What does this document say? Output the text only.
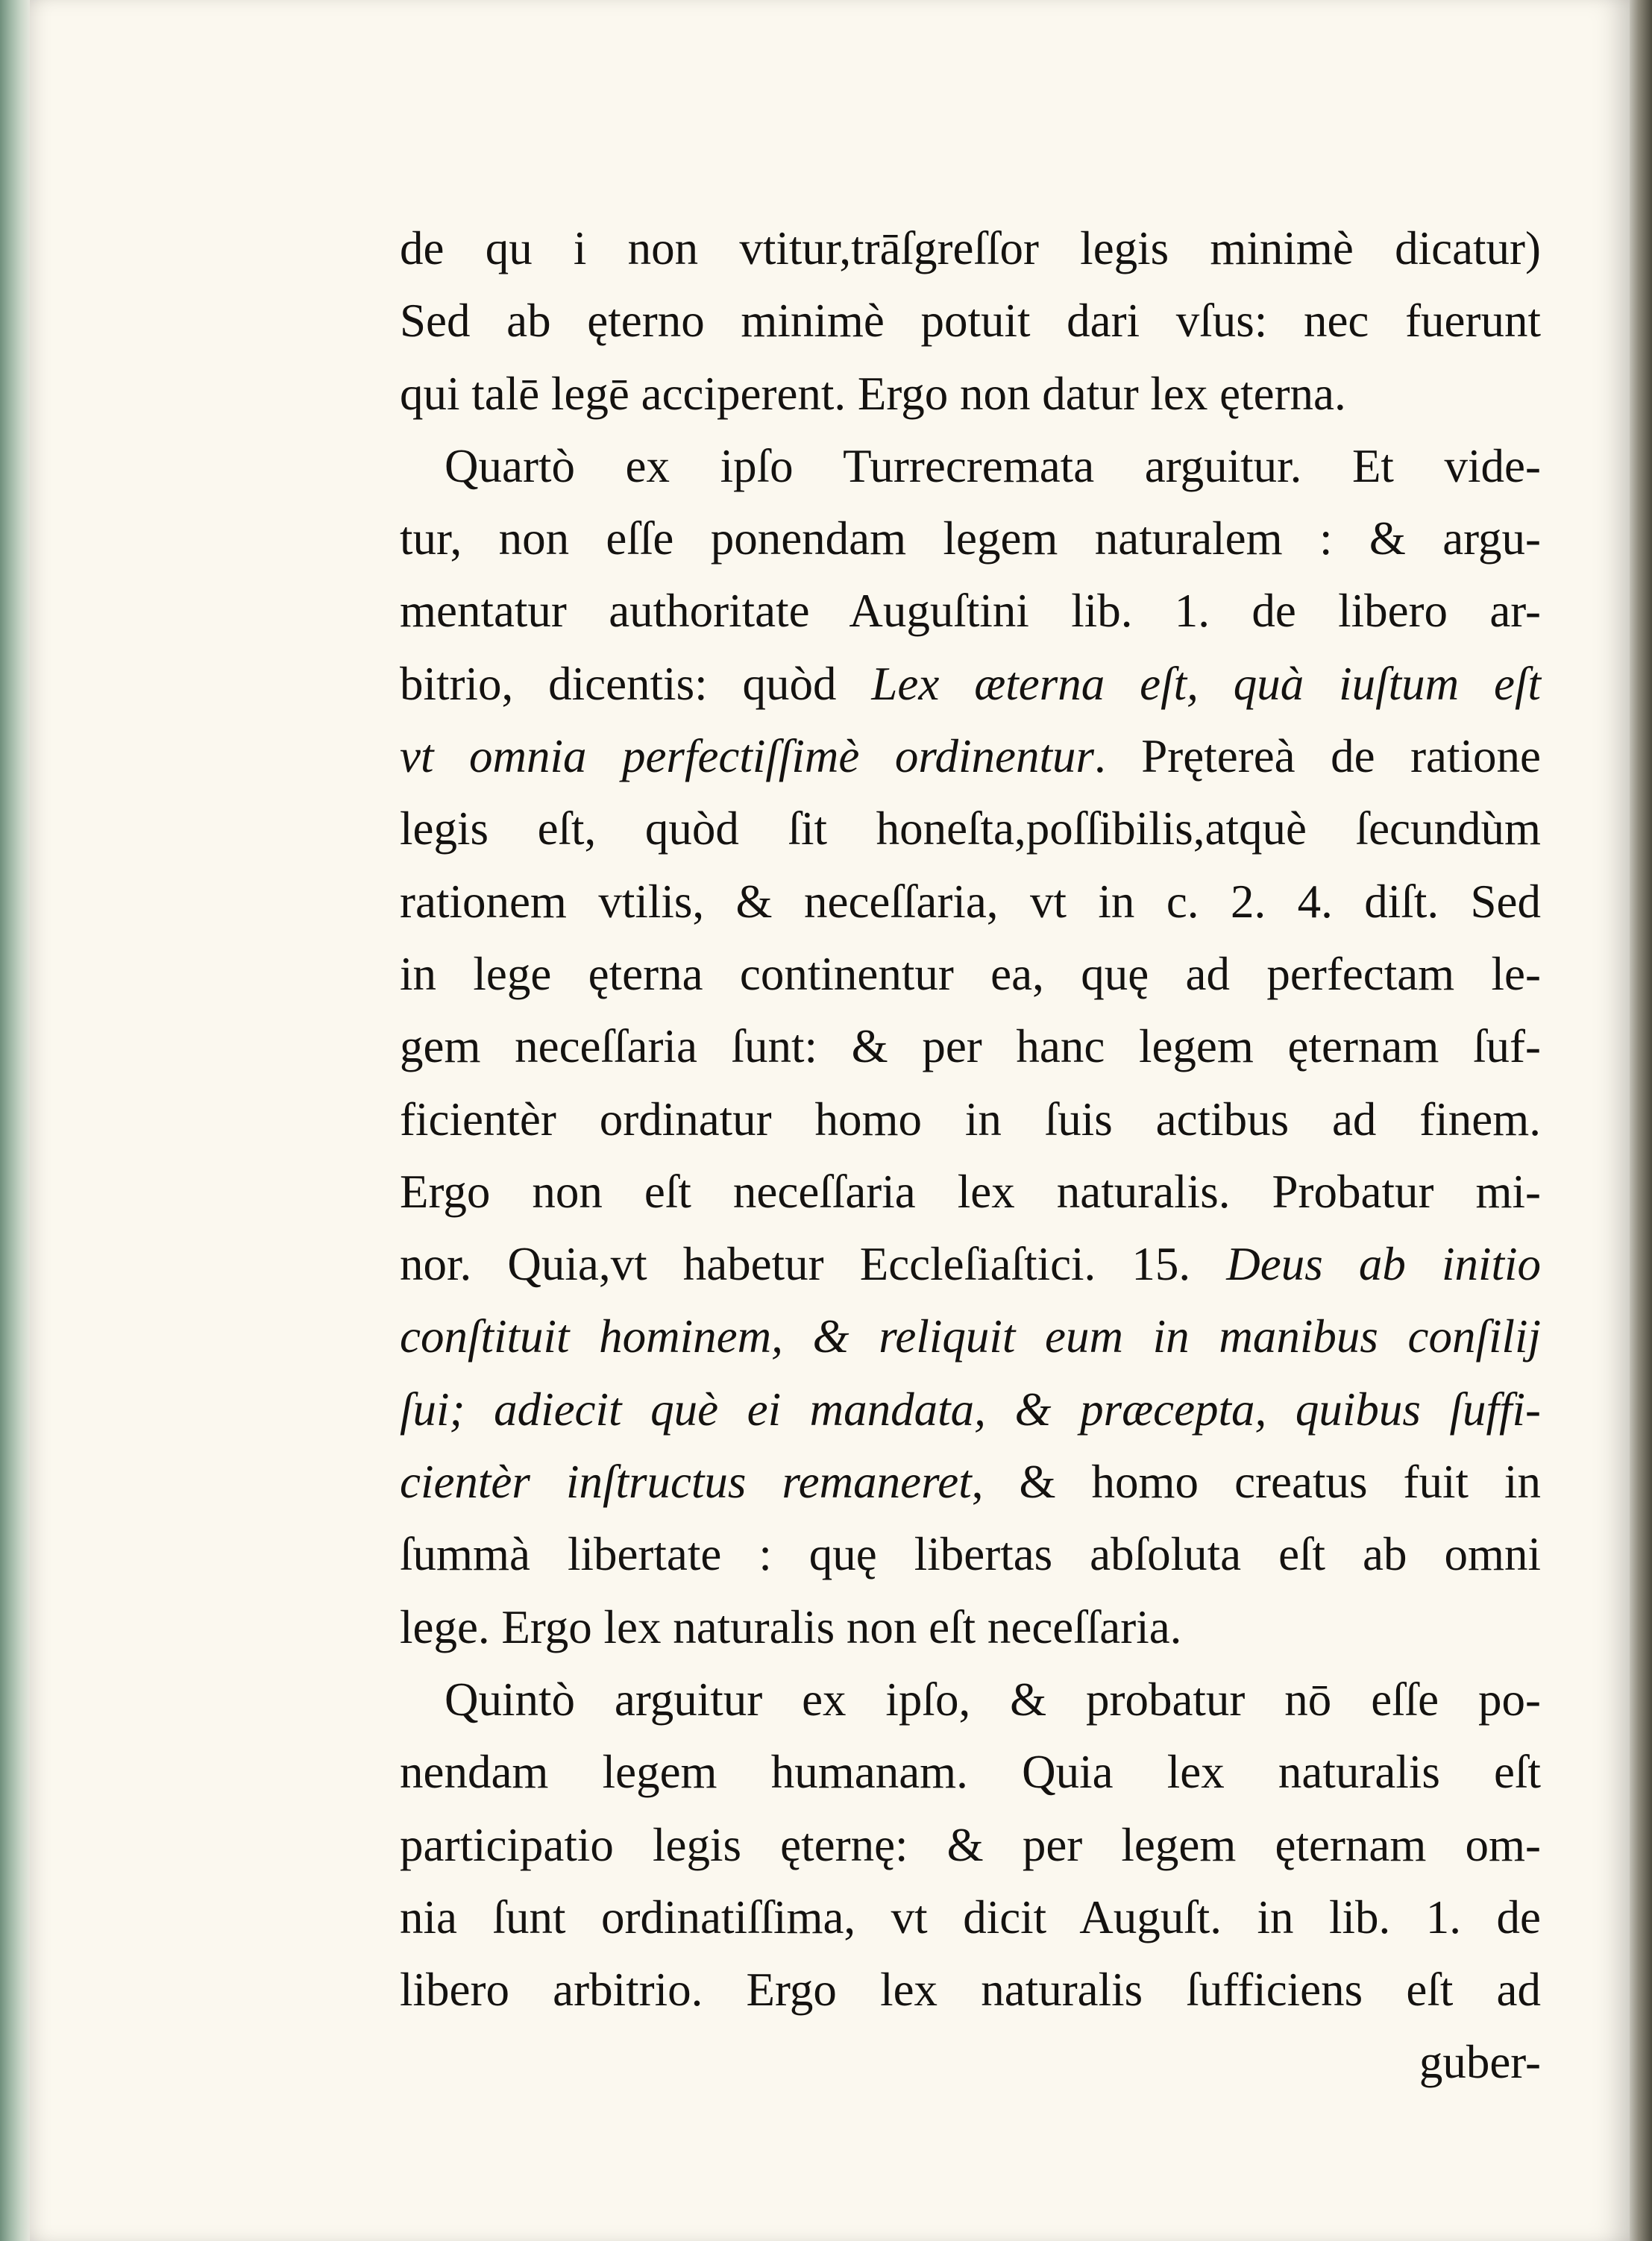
de qu i non vtitur,trāſgreſſor legis minimè dicatur)
Sed ab ęterno minimè potuit dari vſus: nec fuerunt
qui talē legē acciperent. Ergo non datur lex ęterna.
Quartò ex ipſo Turrecremata arguitur. Et vide-
tur, non eſſe ponendam legem naturalem : & argu-
mentatur authoritate Auguſtini lib. 1. de libero ar-
bitrio, dicentis: quòd Lex æterna eſt, quà iuſtum eſt
vt omnia perfectiſſimè ordinentur. Prętereà de ratione
legis eſt, quòd ſit honeſta,poſſibilis,atquè ſecundùm
rationem vtilis, & neceſſaria, vt in c. 2. 4. diſt. Sed
in lege ęterna continentur ea, quę ad perfectam le-
gem neceſſaria ſunt: & per hanc legem ęternam ſuf-
ficientèr ordinatur homo in ſuis actibus ad finem.
Ergo non eſt neceſſaria lex naturalis. Probatur mi-
nor. Quia,vt habetur Eccleſiaſtici. 15. Deus ab initio
conſtituit hominem, & reliquit eum in manibus conſilij
ſui; adiecit què ei mandata, & præcepta, quibus ſuffi-
cientèr inſtructus remaneret, & homo creatus fuit in
ſummà libertate : quę libertas abſoluta eſt ab omni
lege. Ergo lex naturalis non eſt neceſſaria.
Quintò arguitur ex ipſo, & probatur nō eſſe po-
nendam legem humanam. Quia lex naturalis eſt
participatio legis ęternę: & per legem ęternam om-
nia ſunt ordinatiſſima, vt dicit Auguſt. in lib. 1. de
libero arbitrio. Ergo lex naturalis ſufficiens eſt ad
guber-
